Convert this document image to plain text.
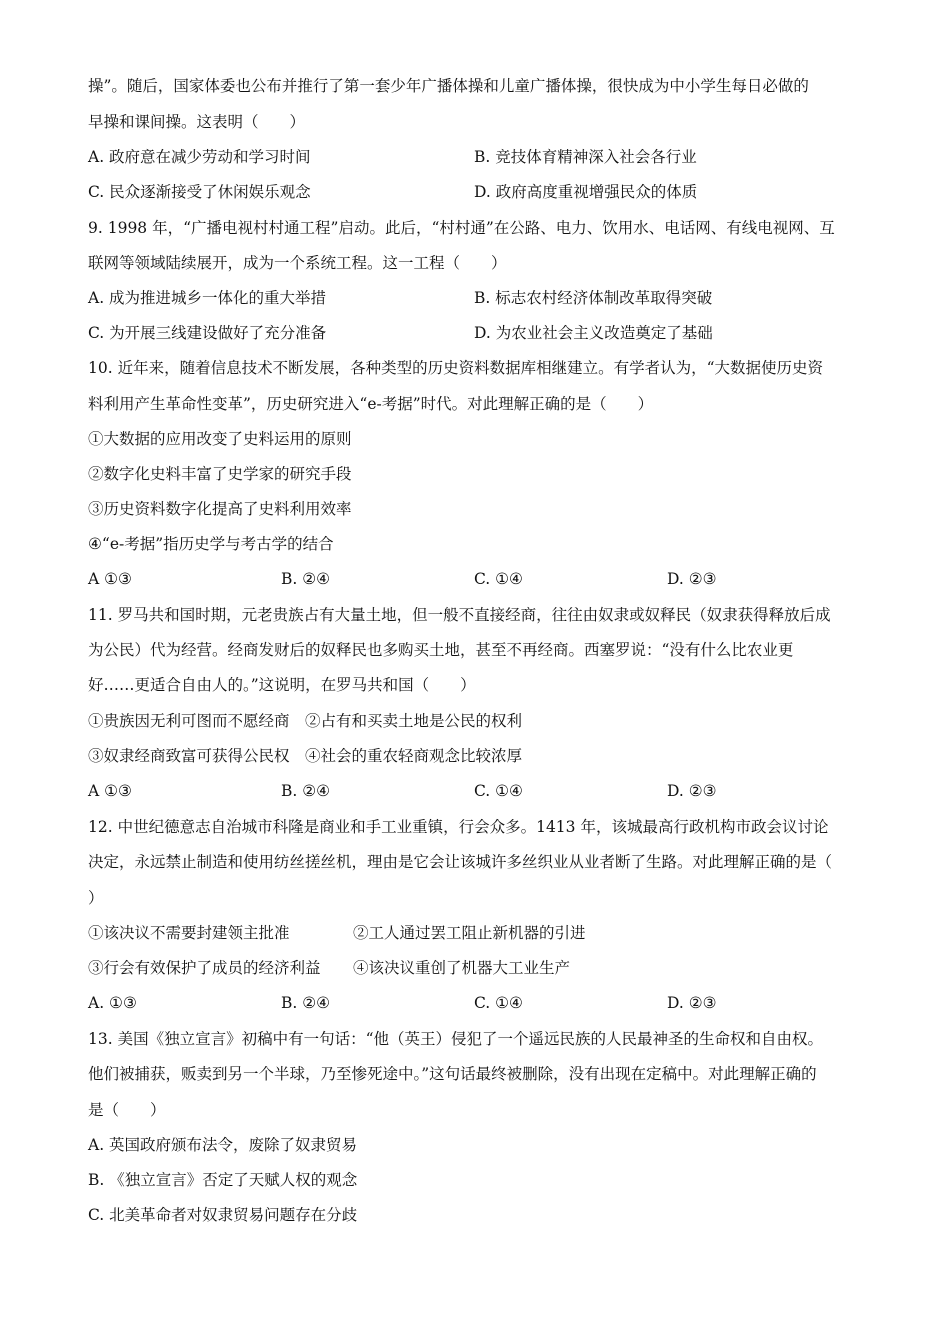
操”。随后，国家体委也公布并推行了第一套少年广播体操和儿童广播体操，很快成为中小学生每日必做的
早操和课间操。这表明（　　）
A. 政府意在减少劳动和学习时间	B. 竞技体育精神深入社会各行业
C. 民众逐渐接受了休闲娱乐观念	D. 政府高度重视增强民众的体质
9. 1998 年，“广播电视村村通工程”启动。此后，“村村通”在公路、电力、饮用水、电话网、有线电视网、互
联网等领域陆续展开，成为一个系统工程。这一工程（　　）
A. 成为推进城乡一体化的重大举措	B. 标志农村经济体制改革取得突破
C. 为开展三线建设做好了充分准备	D. 为农业社会主义改造奠定了基础
10. 近年来，随着信息技术不断发展，各种类型的历史资料数据库相继建立。有学者认为，“大数据使历史资
料利用产生革命性变革”，历史研究进入“e-考据”时代。对此理解正确的是（　　）
①大数据的应用改变了史料运用的原则
②数字化史料丰富了史学家的研究手段
③历史资料数字化提高了史料利用效率
④“e-考据”指历史学与考古学的结合
A ①③	B. ②④	C. ①④	D. ②③
11. 罗马共和国时期，元老贵族占有大量土地，但一般不直接经商，往往由奴隶或奴释民（奴隶获得释放后成
为公民）代为经营。经商发财后的奴释民也多购买土地，甚至不再经商。西塞罗说：“没有什么比农业更
好……更适合自由人的。”这说明，在罗马共和国（　　）
①贵族因无利可图而不愿经商　②占有和买卖土地是公民的权利
③奴隶经商致富可获得公民权　④社会的重农轻商观念比较浓厚
A ①③	B. ②④	C. ①④	D. ②③
12. 中世纪德意志自治城市科隆是商业和手工业重镇，行会众多。1413 年，该城最高行政机构市政会议讨论
决定，永远禁止制造和使用纺丝搓丝机，理由是它会让该城许多丝织业从业者断了生路。对此理解正确的是（
）
①该决议不需要封建领主批准	②工人通过罢工阻止新机器的引进
③行会有效保护了成员的经济利益 ④该决议重创了机器大工业生产
A. ①③	B. ②④	C. ①④	D. ②③
13. 美国《独立宣言》初稿中有一句话：“他（英王）侵犯了一个遥远民族的人民最神圣的生命权和自由权。
他们被捕获，贩卖到另一个半球，乃至惨死途中。”这句话最终被删除，没有出现在定稿中。对此理解正确的
是（　　）
A. 英国政府颁布法令，废除了奴隶贸易
B. 《独立宣言》否定了天赋人权的观念
C. 北美革命者对奴隶贸易问题存在分歧
